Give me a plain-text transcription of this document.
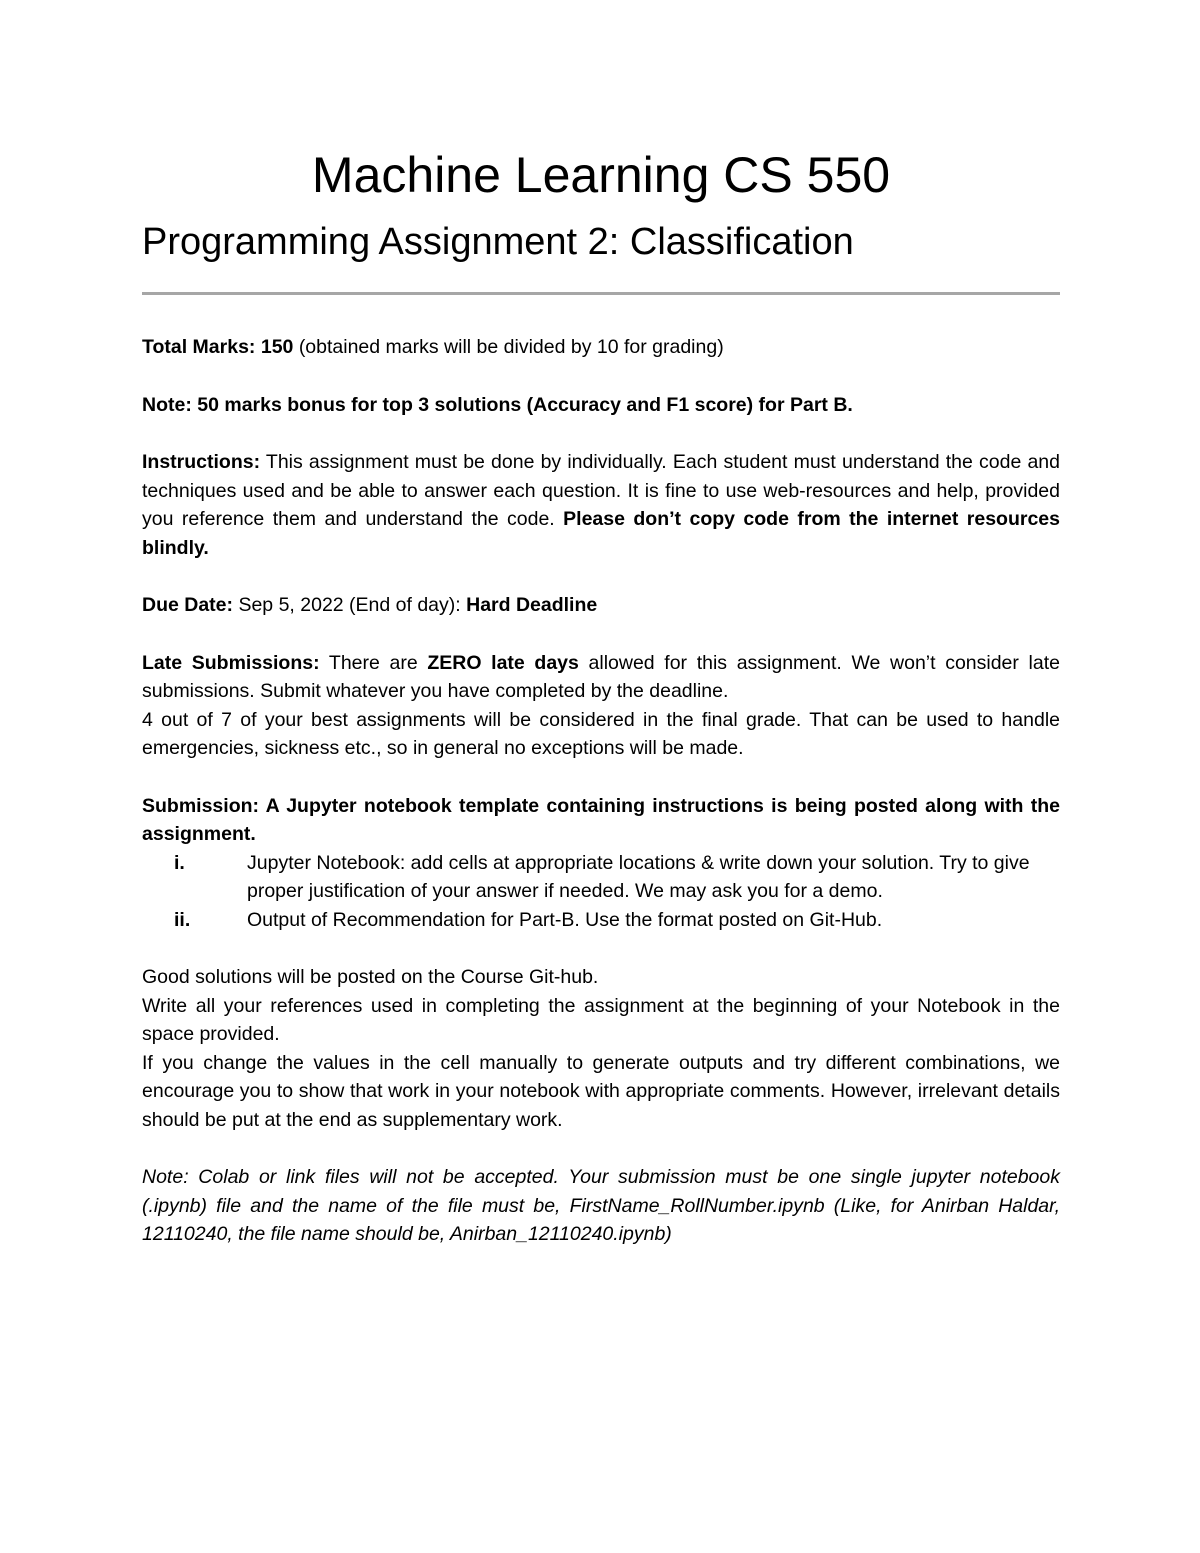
Machine Learning CS 550
Programming Assignment 2: Classification

Total Marks: 150 (obtained marks will be divided by 10 for grading)

Note: 50 marks bonus for top 3 solutions (Accuracy and F1 score) for Part B.

Instructions: This assignment must be done by individually. Each student must understand the code and techniques used and be able to answer each question. It is fine to use web-resources and help, provided you reference them and understand the code. Please don’t copy code from the internet resources blindly.

Due Date: Sep 5, 2022 (End of day): Hard Deadline

Late Submissions: There are ZERO late days allowed for this assignment. We won’t consider late submissions. Submit whatever you have completed by the deadline.

4 out of 7 of your best assignments will be considered in the final grade. That can be used to handle emergencies, sickness etc., so in general no exceptions will be made.

Submission: A Jupyter notebook template containing instructions is being posted along with the assignment.

i.	Jupyter Notebook: add cells at appropriate locations & write down your solution. Try to give proper justification of your answer if needed. We may ask you for a demo.
ii.	Output of Recommendation for Part-B. Use the format posted on Git-Hub.
Good solutions will be posted on the Course Git-hub.
Write all your references used in completing the assignment at the beginning of your Notebook in the space provided.
If you change the values in the cell manually to generate outputs and try different combinations, we encourage you to show that work in your notebook with appropriate comments. However, irrelevant details should be put at the end as supplementary work.

Note: Colab or link files will not be accepted. Your submission must be one single jupyter notebook (.ipynb) file and the name of the file must be, FirstName_RollNumber.ipynb (Like, for Anirban Haldar, 12110240, the file name should be, Anirban_12110240.ipynb)
